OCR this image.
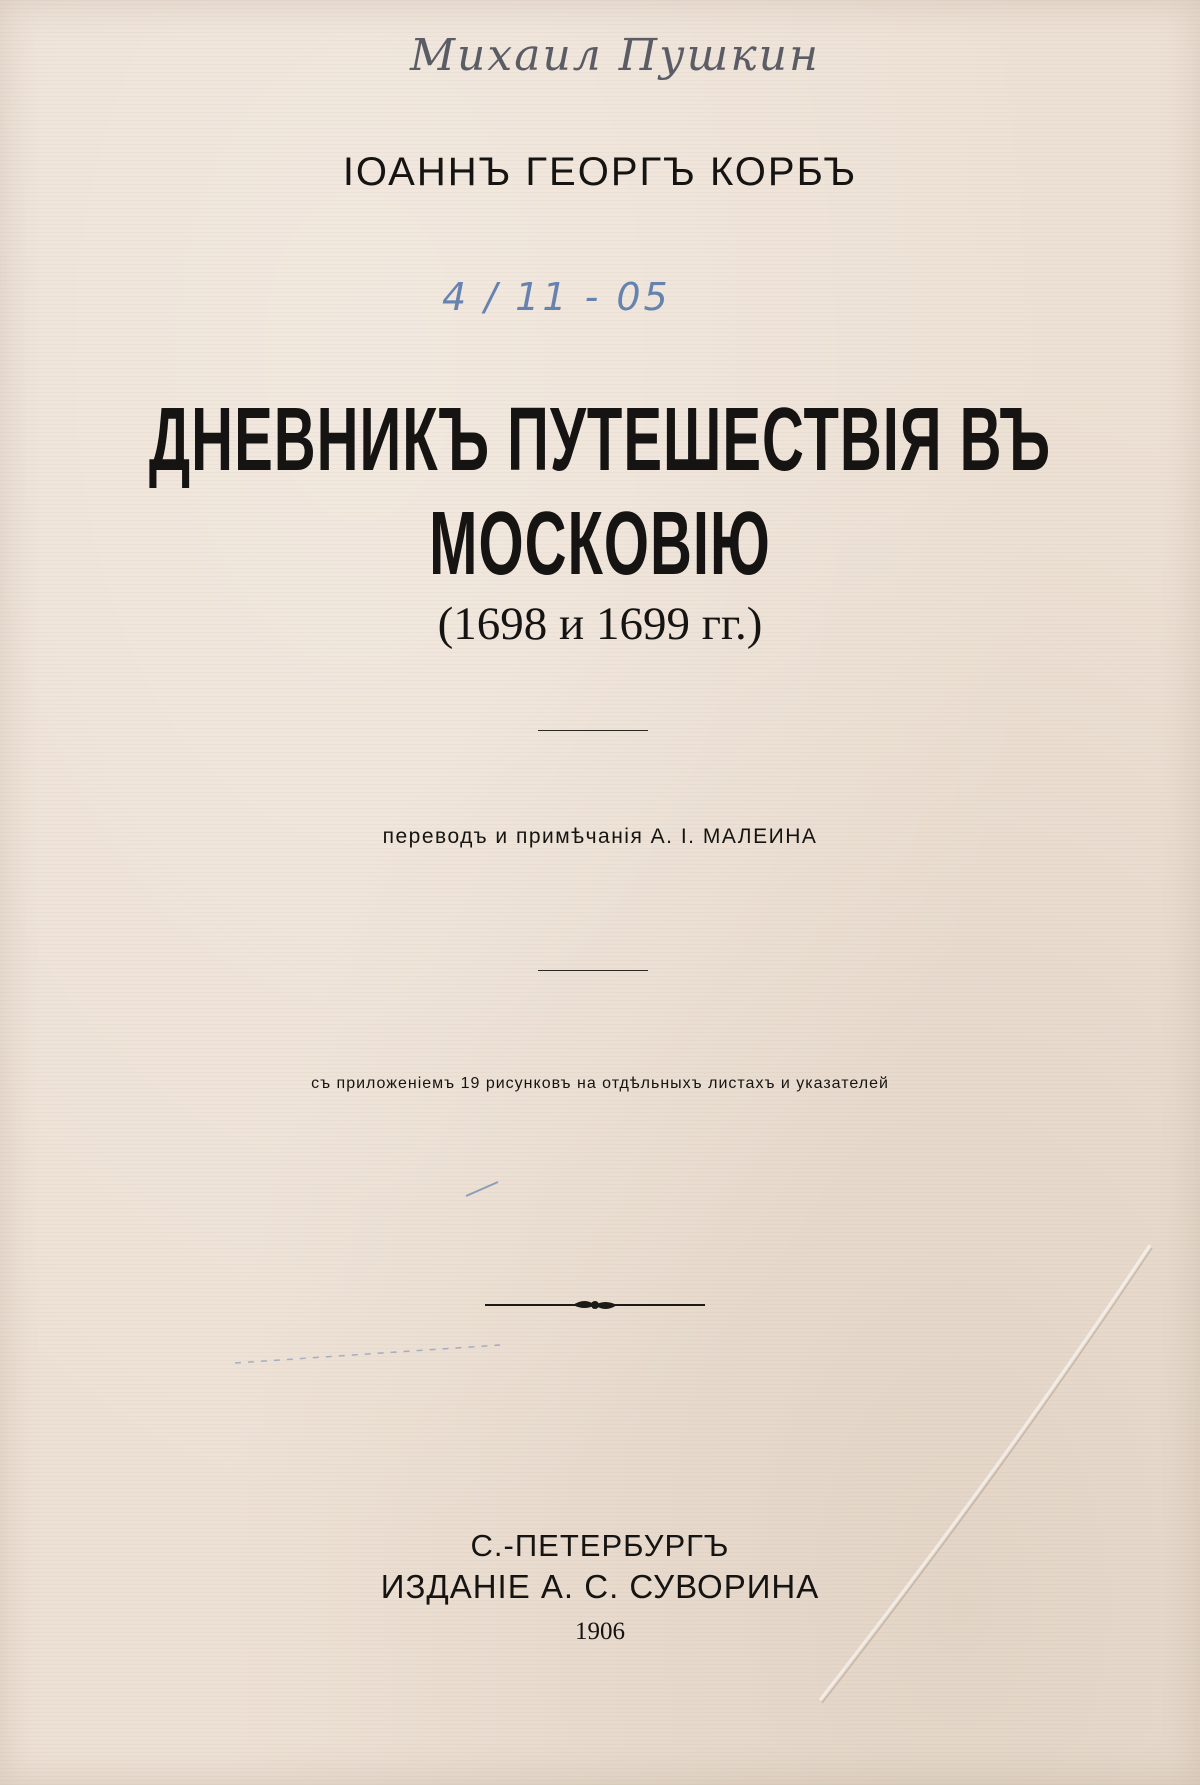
Михаил Пушкин
ІОАННЪ ГЕОРГЪ КОРБЪ
4 / 11 - 05
ДНЕВНИКЪ ПУТЕШЕСТВІЯ ВЪ МОСКОВІЮ
(1698 и 1699 гг.)
переводъ и примѣчанія А. І. МАЛЕИНА
съ приложеніемъ 19 рисунковъ на отдѣльныхъ листахъ и указателей
С.-ПЕТЕРБУРГЪ
ИЗДАНІЕ А. С. СУВОРИНА
1906
